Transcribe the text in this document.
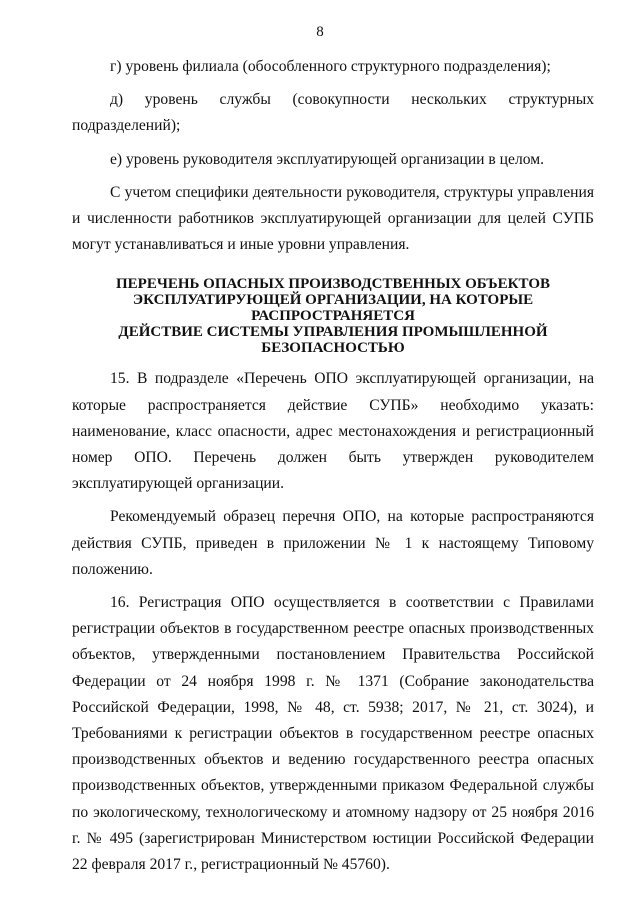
8

г) уровень филиала (обособленного структурного подразделения);

д) уровень службы (совокупности нескольких структурных подразделений);

е) уровень руководителя эксплуатирующей организации в целом.

С учетом специфики деятельности руководителя, структуры управления и численности работников эксплуатирующей организации для целей СУПБ могут устанавливаться и иные уровни управления.

ПЕРЕЧЕНЬ ОПАСНЫХ ПРОИЗВОДСТВЕННЫХ ОБЪЕКТОВ
ЭКСПЛУАТИРУЮЩЕЙ ОРГАНИЗАЦИИ, НА КОТОРЫЕ РАСПРОСТРАНЯЕТСЯ
ДЕЙСТВИЕ СИСТЕМЫ УПРАВЛЕНИЯ ПРОМЫШЛЕННОЙ БЕЗОПАСНОСТЬЮ

15. В подразделе «Перечень ОПО эксплуатирующей организации, на которые распространяется действие СУПБ» необходимо указать: наименование, класс опасности, адрес местонахождения и регистрационный номер ОПО. Перечень должен быть утвержден руководителем эксплуатирующей организации.

Рекомендуемый образец перечня ОПО, на которые распространяются действия СУПБ, приведен в приложении № 1 к настоящему Типовому положению.

16. Регистрация ОПО осуществляется в соответствии с Правилами регистрации объектов в государственном реестре опасных производственных объектов, утвержденными постановлением Правительства Российской Федерации от 24 ноября 1998 г. № 1371 (Собрание законодательства Российской Федерации, 1998, № 48, ст. 5938; 2017, № 21, ст. 3024), и Требованиями к регистрации объектов в государственном реестре опасных производственных объектов и ведению государственного реестра опасных производственных объектов, утвержденными приказом Федеральной службы по экологическому, технологическому и атомному надзору от 25 ноября 2016 г. № 495 (зарегистрирован Министерством юстиции Российской Федерации 22 февраля 2017 г., регистрационный № 45760).
